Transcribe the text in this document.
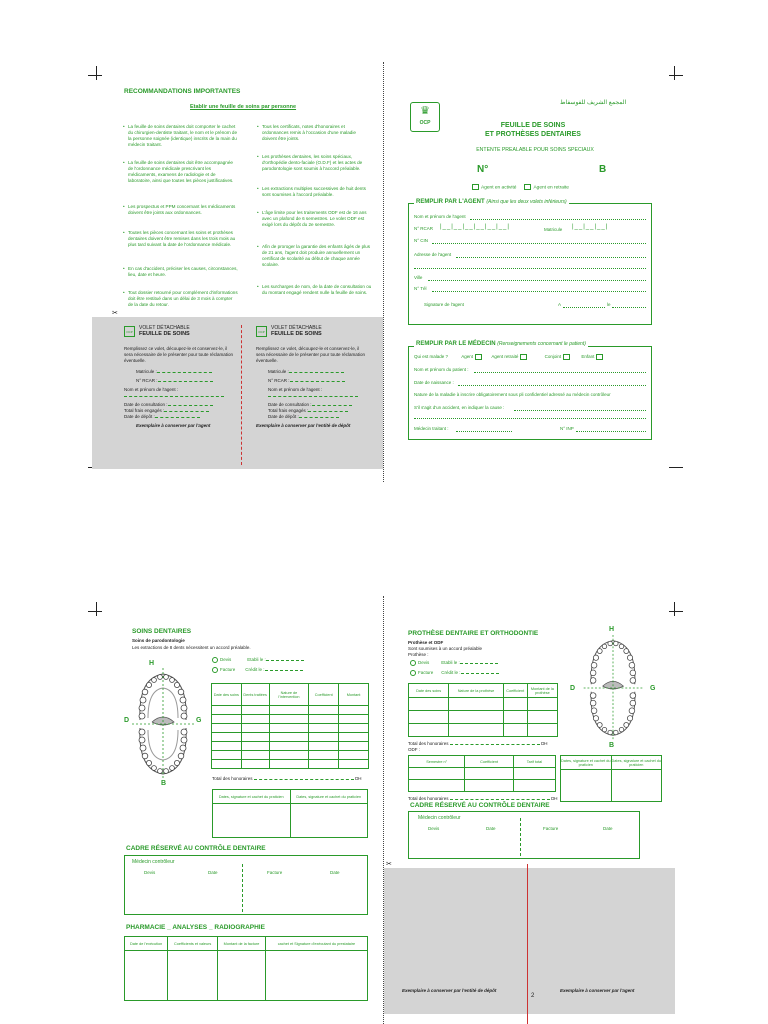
RECOMMANDATIONS IMPORTANTES
Etablir une feuille de soins par personne
• La feuille de soins dentaires doit comporter le cachet du chirurgien-dentiste traitant, le nom et le prénom de la personne soignée (identique) inscrits de la main du médecin traitant.
• La feuille de soins dentaires doit être accompagnée de l'ordonnance médicale prescrivant les médicaments, examens de radiologie et de laboratoire, ainsi que toutes les pièces justificatives.
• Les prospectus et PPM concernant les médicaments doivent être joints aux ordonnances.
• Toutes les pièces concernant les soins et prothèses dentaires doivent être remises dans les trois mois au plus tard suivant la date de l'ordonnance médicale.
• En cas d'accident, préciser les causes, circonstances, lieu, date et heure.
• Tout dossier retourné pour complément d'informations doit être restitué dans un délai de 3 mois à compter de la date du retour.
• Tous les certificats, notes d'honoraires et ordonnances remis à l'occasion d'une maladie doivent être joints.
• Les prothèses dentaires, les soins spéciaux, d'orthopédie dento-faciale (O.D.F) et les actes de parodontologie sont soumis à l'accord préalable.
• Les extractions multiples successives de huit dents sont soumises à l'accord préalable.
• L'âge limite pour les traitements ODF est de 16 ans avec un plafond de 6 semestres. Le volet ODF est exigé lors du dépôt du 2e semestre.
• Afin de proroger la garantie des enfants âgés de plus de 21 ans, l'agent doit produire annuellement un certificat de scolarité au début de chaque année scolaire.
• Les surcharges de nom, de la date de consultation ou du montant engagé rendent nulle la feuille de soins.
✂
OCP
VOLET DÉTACHABLE
FEUILLE DE SOINS
Remplissez ce volet, découpez-le et conservez-le, il sera nécessaire de le présenter pour toute réclamation éventuelle.
Matricule :
N° RCAR :
Nom et prénom de l'agent :
Date de consultation :
Total frais engagés :
Date de dépôt :
Exemplaire à conserver par l'agent
OCP
VOLET DÉTACHABLE
FEUILLE DE SOINS
Remplissez ce volet, découpez-le et conservez-le, il sera nécessaire de le présenter pour toute réclamation éventuelle.
Matricule :
N° RCAR :
Nom et prénom de l'agent :
Date de consultation :
Total frais engagés :
Date de dépôt :
Exemplaire à conserver par l'entité de dépôt
♛
OCP
المجمع الشريف للفوسفاط
FEUILLE DE SOINS
ET PROTHÈSES DENTAIRES
ENTENTE PREALABLE POUR SOINS SPECIAUX
N°	B
Agent en activité	Agent en retraite
REMPLIR PAR L'AGENT (Ainsi que les deux volets inférieurs)
Nom et prénom de l'agent
N° RCAR |__|__|__|__|__|__|	Matricule |__|__|__|
N° CIN
Adresse de l'agent
Ville
N° Tél
Signature de l'agent	A	le
REMPLIR PAR LE MÉDECIN (Renseignements concernant le patient)
Qui est malade ?	Agent	Agent retraité	Conjoint	Enfant
Nom et prénom du patient :
Date de naissance :
Nature de la maladie à inscrire obligatoirement sous pli confidentiel adressé au médecin contrôleur
S'il s'agit d'un accident, en indiquer la cause :
Médecin traitant :	N° INP
SOINS DENTAIRES
Soins de parodontologie
Les extractions de 8 dents nécessitent un accord préalable.
Devis	Etabli le :
Facture Crédit le :
H
D	G
B
Date des soins	Dents traitées	Nature de l'intervention	Coefficient	Montant

Total des honoraires	DH
Dates, signature et cachet du praticien	Dates, signature et cachet du praticien

CADRE RÉSERVÉ AU CONTRÔLE DENTAIRE
Médecin contrôleur
Devis	Date	Facture	Date
PHARMACIE _ ANALYSES _ RADIOGRAPHIE
Date de l'exécution	Coefficients et valeurs	Montant de la facture	cachet et Signature d'exécutant du prestataire

PROTHÈSE DENTAIRE ET ORTHODONTIE
Prothèse et ODF
Sont soumises à un accord préalable
Prothèse :
Devis	Etabli le :
Facture Crédit le :
H
D	G
B
Date des soins	Nature de la prothèse	Coefficient	Montant de la prothèse

Total des honoraires	DH
ODF :
Semestre n°	Coefficient	Tarif total

			Dates, signature et cachet du praticien	Dates, signature et cachet du praticien

Total des honoraires	DH
CADRE RÉSERVÉ AU CONTRÔLE DENTAIRE
Médecin contrôleur
Devis	Date	Facture	Date
✂
Exemplaire à conserver par l'entité de dépôt	Exemplaire à conserver par l'agent
2
